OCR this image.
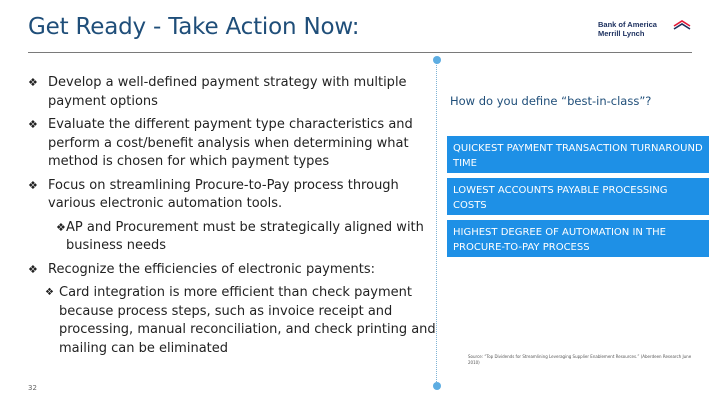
Get Ready - Take Action Now:	Bank of America
Merrill Lynch
❖ Develop a well-defined payment strategy with multiple payment options
❖ Evaluate the different payment type characteristics and perform a cost/benefit analysis when determining what method is chosen for which payment types
❖ Focus on streamlining Procure-to-Pay process through various electronic automation tools.
❖ AP and Procurement must be strategically aligned with business needs
❖ Recognize the efficiencies of electronic payments:
❖ Card integration is more efficient than check payment because process steps, such as invoice receipt and processing, manual reconciliation, and check printing and mailing can be eliminated
32
How do you define “best-in-class”?
QUICKEST PAYMENT TRANSACTION TURNAROUND TIME
LOWEST ACCOUNTS PAYABLE PROCESSING COSTS
HIGHEST DEGREE OF AUTOMATION IN THE PROCURE-TO-PAY PROCESS
Source: “Top Dividends for Streamlining Leveraging Supplier Enablement Resources.” (Aberdeen Research June 2010)
